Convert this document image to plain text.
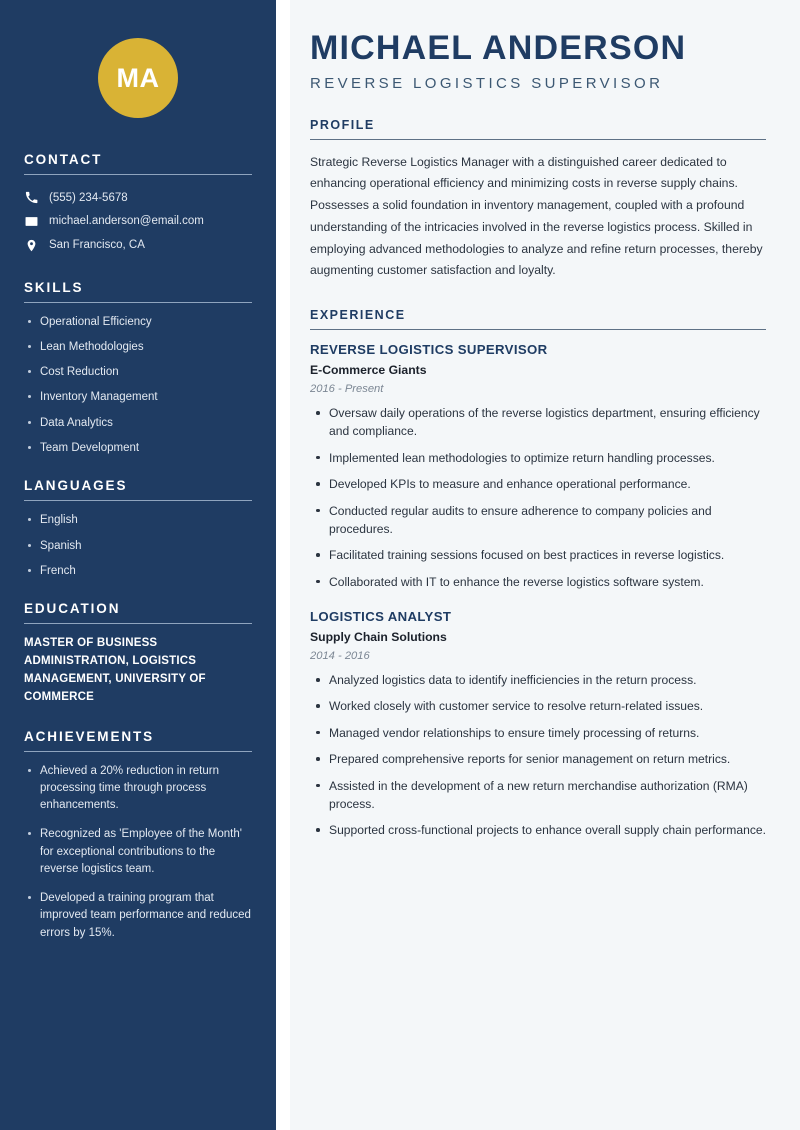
MA
CONTACT
(555) 234-5678
michael.anderson@email.com
San Francisco, CA
SKILLS
Operational Efficiency
Lean Methodologies
Cost Reduction
Inventory Management
Data Analytics
Team Development
LANGUAGES
English
Spanish
French
EDUCATION
MASTER OF BUSINESS ADMINISTRATION, LOGISTICS MANAGEMENT, UNIVERSITY OF COMMERCE
ACHIEVEMENTS
Achieved a 20% reduction in return processing time through process enhancements.
Recognized as 'Employee of the Month' for exceptional contributions to the reverse logistics team.
Developed a training program that improved team performance and reduced errors by 15%.
MICHAEL ANDERSON
REVERSE LOGISTICS SUPERVISOR
PROFILE

Strategic Reverse Logistics Manager with a distinguished career dedicated to enhancing operational efficiency and minimizing costs in reverse supply chains. Possesses a solid foundation in inventory management, coupled with a profound understanding of the intricacies involved in the reverse logistics process. Skilled in employing advanced methodologies to analyze and refine return processes, thereby augmenting customer satisfaction and loyalty.

EXPERIENCE
REVERSE LOGISTICS SUPERVISOR
E-Commerce Giants
2016 - Present
Oversaw daily operations of the reverse logistics department, ensuring efficiency and compliance.
Implemented lean methodologies to optimize return handling processes.
Developed KPIs to measure and enhance operational performance.
Conducted regular audits to ensure adherence to company policies and procedures.
Facilitated training sessions focused on best practices in reverse logistics.
Collaborated with IT to enhance the reverse logistics software system.
LOGISTICS ANALYST
Supply Chain Solutions
2014 - 2016
Analyzed logistics data to identify inefficiencies in the return process.
Worked closely with customer service to resolve return-related issues.
Managed vendor relationships to ensure timely processing of returns.
Prepared comprehensive reports for senior management on return metrics.
Assisted in the development of a new return merchandise authorization (RMA) process.
Supported cross-functional projects to enhance overall supply chain performance.
